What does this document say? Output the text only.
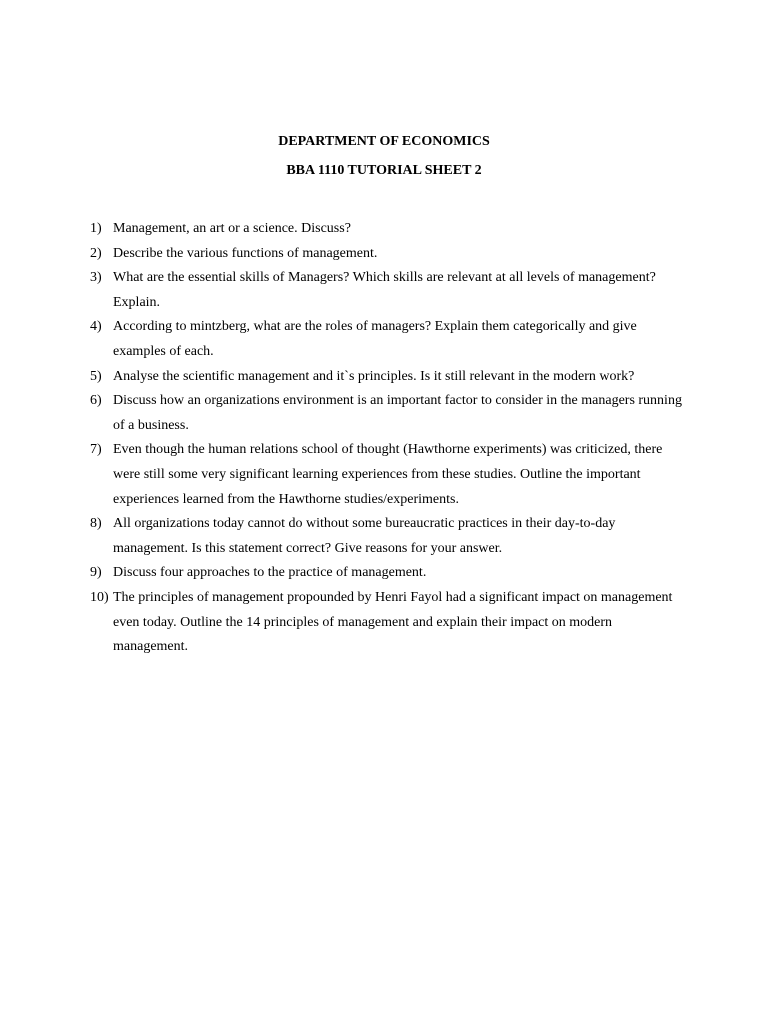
DEPARTMENT OF ECONOMICS
BBA 1110 TUTORIAL SHEET 2
1) Management, an art or a science. Discuss?
2) Describe the various functions of management.
3) What are the essential skills of Managers? Which skills are relevant at all levels of management? Explain.
4) According to mintzberg, what are the roles of managers? Explain them categorically and give examples of each.
5) Analyse the scientific management and it`s principles. Is it still relevant in the modern work?
6) Discuss how an organizations environment is an important factor to consider in the managers running of a business.
7) Even though the human relations school of thought (Hawthorne experiments) was criticized, there were still some very significant learning experiences from these studies. Outline the important experiences learned from the Hawthorne studies/experiments.
8) All organizations today cannot do without some bureaucratic practices in their day-to-day management. Is this statement correct? Give reasons for your answer.
9) Discuss four approaches to the practice of management.
10) The principles of management propounded by Henri Fayol had a significant impact on management even today. Outline the 14 principles of management and explain their impact on modern management.
